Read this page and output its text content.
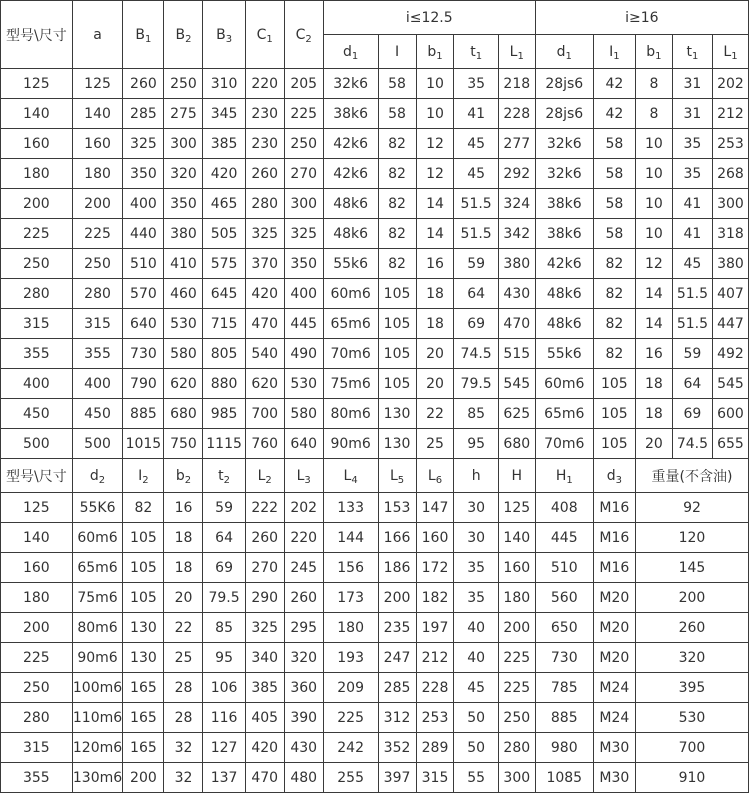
型号\尺寸	a	$B_1$	$B_2$	$B_3$	$C_1$	$C_2$	i≤12.5					i≥16				
							$d_1$	I	$b_1$	$t_1$	$L_1$	$d_1$	$I_1$	$b_1$	$t_1$	$L_1$
125	125	260	250	310	220	205	32k6	58	10	35	218	28js6	42	8	31	202
140	140	285	275	345	230	225	38k6	58	10	41	228	28js6	42	8	31	212
160	160	325	300	385	230	250	42k6	82	12	45	277	32k6	58	10	35	253
180	180	350	320	420	260	270	42k6	82	12	45	292	32k6	58	10	35	268
200	200	400	350	465	280	300	48k6	82	14	51.5	324	38k6	58	10	41	300
225	225	440	380	505	325	325	48k6	82	14	51.5	342	38k6	58	10	41	318
250	250	510	410	575	370	350	55k6	82	16	59	380	42k6	82	12	45	380
280	280	570	460	645	420	400	60m6	105	18	64	430	48k6	82	14	51.5	407
315	315	640	530	715	470	445	65m6	105	18	69	470	48k6	82	14	51.5	447
355	355	730	580	805	540	490	70m6	105	20	74.5	515	55k6	82	16	59	492
400	400	790	620	880	620	530	75m6	105	20	79.5	545	60m6	105	18	64	545
450	450	885	680	985	700	580	80m6	130	22	85	625	65m6	105	18	69	600
500	500	1015	750	1115	760	640	90m6	130	25	95	680	70m6	105	20	74.5	655
型号\尺寸	$d_2$	$I_2$	$b_2$	$t_2$	$L_2$	$L_3$	$L_4$	$L_5$	$L_6$	h	H	$H_1$	$d_3$	重量(不含油)		
125	55K6	82	16	59	222	202	133	153	147	30	125	408	M16	92		
140	60m6	105	18	64	260	220	144	166	160	30	140	445	M16	120		
160	65m6	105	18	69	270	245	156	186	172	35	160	510	M16	145		
180	75m6	105	20	79.5	290	260	173	200	182	35	180	560	M20	200		
200	80m6	130	22	85	325	295	180	235	197	40	200	650	M20	260		
225	90m6	130	25	95	340	320	193	247	212	40	225	730	M20	320		
250	100m6	165	28	106	385	360	209	285	228	45	225	785	M24	395		
280	110m6	165	28	116	405	390	225	312	253	50	250	885	M24	530		
315	120m6	165	32	127	420	430	242	352	289	50	280	980	M30	700		
355	130m6	200	32	137	470	480	255	397	315	55	300	1085	M30	910		
